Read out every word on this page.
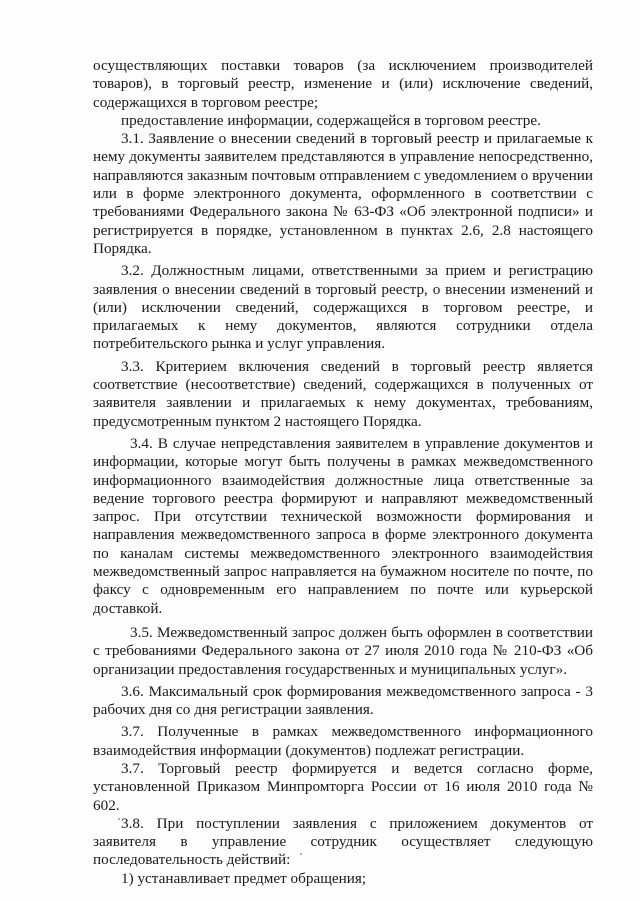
осуществляющих поставки товаров (за исключением производителей товаров), в торговый реестр, изменение и (или) исключение сведений, содержащихся в торговом реестре;

предоставление информации, содержащейся в торговом реестре.

3.1. Заявление о внесении сведений в торговый реестр и прилагаемые к нему документы заявителем представляются в управление непосредственно, направляются заказным почтовым отправлением с уведомлением о вручении или в форме электронного документа, оформленного в соответствии с требованиями Федерального закона № 63-ФЗ «Об электронной подписи» и регистрируется в порядке, установленном в пунктах 2.6, 2.8 настоящего Порядка.

3.2. Должностным лицами, ответственными за прием и регистрацию заявления о внесении сведений в торговый реестр, о внесении изменений и (или) исключении сведений, содержащихся в торговом реестре, и прилагаемых к нему документов, являются сотрудники отдела потребительского рынка и услуг управления.

3.3. Критерием включения сведений в торговый реестр является соответствие (несоответствие) сведений, содержащихся в полученных от заявителя заявлении и прилагаемых к нему документах, требованиям, предусмотренным пунктом 2 настоящего Порядка.

3.4. В случае непредставления заявителем в управление документов и информации, которые могут быть получены в рамках межведомственного информационного взаимодействия должностные лица ответственные за ведение торгового реестра формируют и направляют межведомственный запрос. При отсутствии технической возможности формирования и направления межведомственного запроса в форме электронного документа по каналам системы межведомственного электронного взаимодействия межведомственный запрос направляется на бумажном носителе по почте, по факсу с одновременным его направлением по почте или курьерской доставкой.

3.5. Межведомственный запрос должен быть оформлен в соответствии с требованиями Федерального закона от 27 июля 2010 года № 210-ФЗ «Об организации предоставления государственных и муниципальных услуг».

3.6. Максимальный срок формирования межведомственного запроса - 3 рабочих дня со дня регистрации заявления.

3.7. Полученные в рамках межведомственного информационного взаимодействия информации (документов) подлежат регистрации.

3.7. Торговый реестр формируется и ведется согласно форме, установленной Приказом Минпромторга России от 16 июля 2010 года № 602.

3.8. При поступлении заявления с приложением документов от заявителя в управление сотрудник осуществляет следующую последовательность действий:

1) устанавливает предмет обращения;
